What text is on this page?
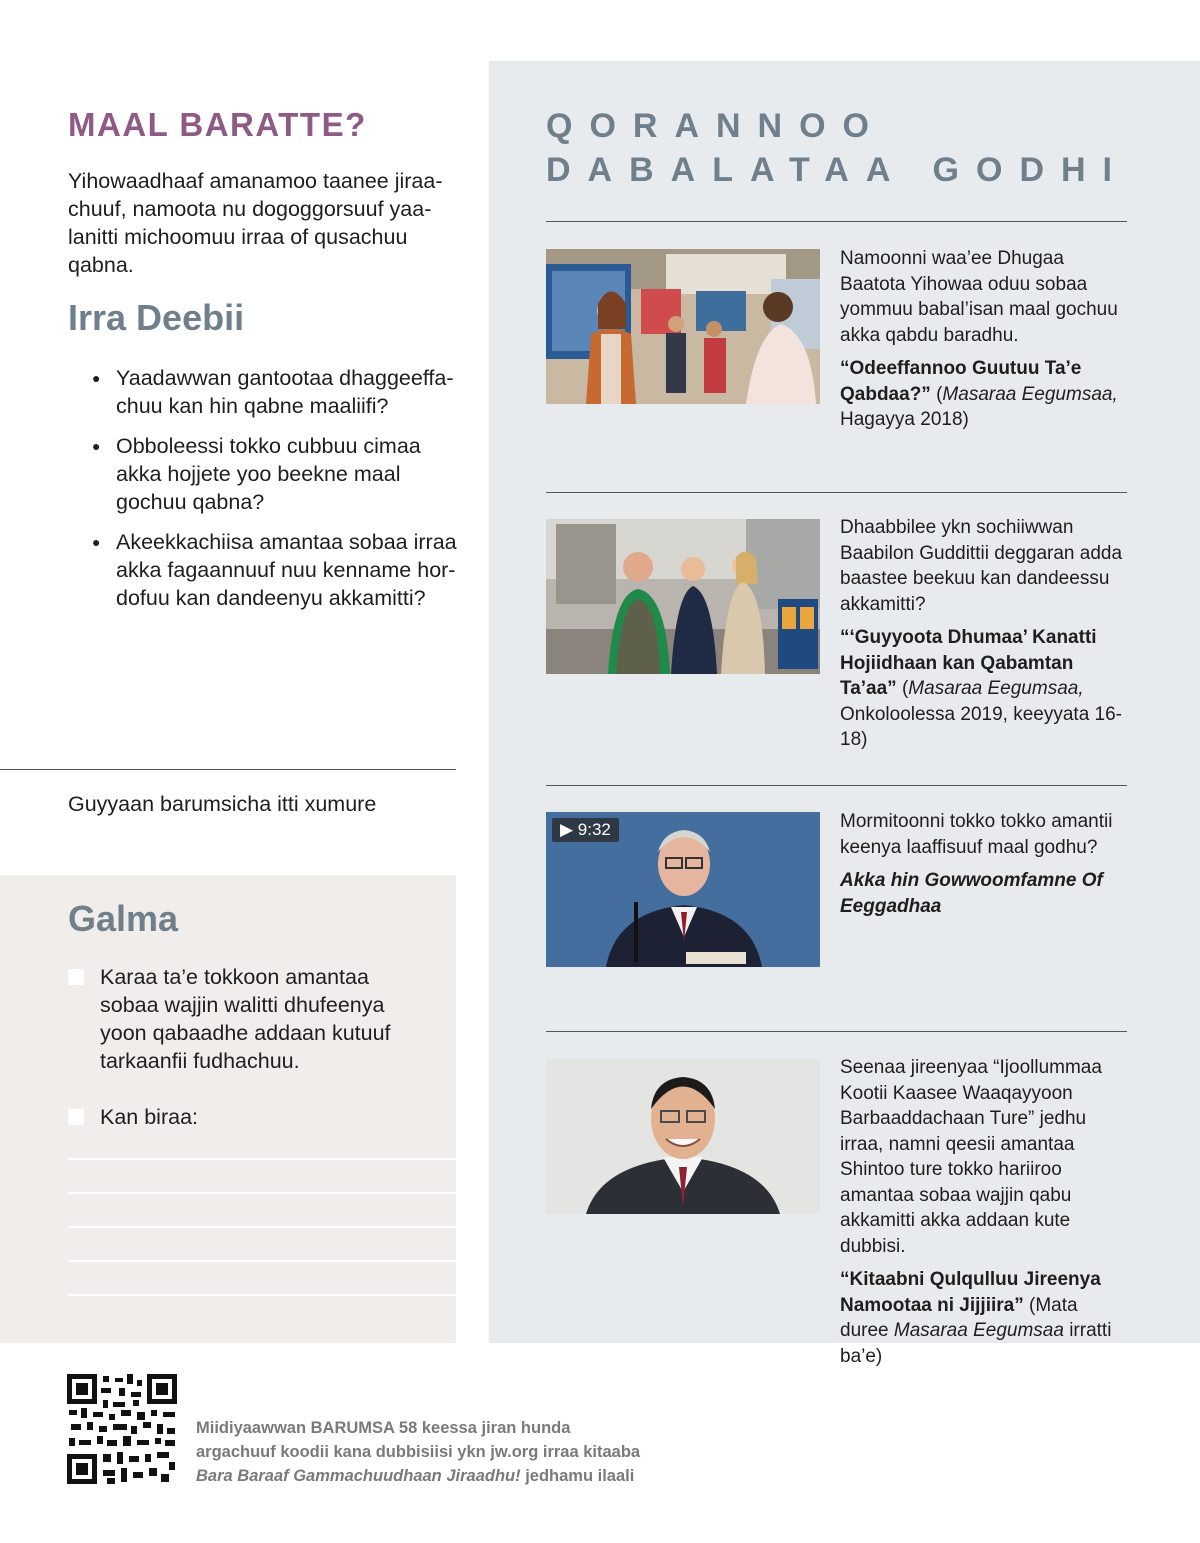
MAAL BARATTE?
Yihowaadhaaf amanamoo taanee jiraa-chuuf, namoota nu dogoggorsuuf yaa-lanitti michoomuu irraa of qusachuu qabna.
Irra Deebii
● Yaadawwan gantootaa dhaggeeffa-chuu kan hin qabne maaliifi?
● Obboleessi tokko cubbuu cimaa akka hojjete yoo beekne maal gochuu qabna?
● Akeekkachiisa amantaa sobaa irraa akka fagaannuuf nuu kenname hor-dofuu kan dandeenyu akkamitti?
Guyyaan barumsicha itti xumure
Galma
Karaa ta’e tokkoon amantaa sobaa wajjin walitti dhufeenya yoon qabaadhe addaan kutuuf tarkaanfii fudhachuu.
Kan biraa:
QORANNOO
DABALATAA GODHI

Namoonni waa’ee Dhugaa Baatota Yihowaa oduu sobaa yommuu babal’isan maal gochuu akka qabdu baradhu.

“Odeeffannoo Guutuu Ta’e Qabdaa?” (Masaraa Eegumsaa, Hagayya 2018)

Dhaabbilee ykn sochiiwwan Baabilon Guddittii deggaran adda baastee beekuu kan dandeessu akkamitti?

“‘Guyyoota Dhumaa’ Kanatti Hojiidhaan kan Qabamtan Ta’aa” (Masaraa Eegumsaa, Onkoloolessa 2019, keeyyata 16-18)

▶ 9:32	Mormitoonni tokko tokko amantii keenya laaffisuuf maal godhu?

Akka hin Gowwoomfamne Of Eeggadhaa

Seenaa jireenyaa “Ijoollummaa Kootii Kaasee Waaqayyoon Barbaaddachaan Ture” jedhu irraa, namni qeesii amantaa Shintoo ture tokko hariiroo amantaa sobaa wajjin qabu akkamitti akka addaan kute dubbisi.

“Kitaabni Qulqulluu Jireenya Namootaa ni Jijjiira” (Mata duree Masaraa Eegumsaa irratti ba’e)

Miidiyaawwan BARUMSA 58 keessa jiran hunda
argachuuf koodii kana dubbisiisi ykn jw.org irraa kitaaba
Bara Baraaf Gammachuudhaan Jiraadhu! jedhamu ilaali
